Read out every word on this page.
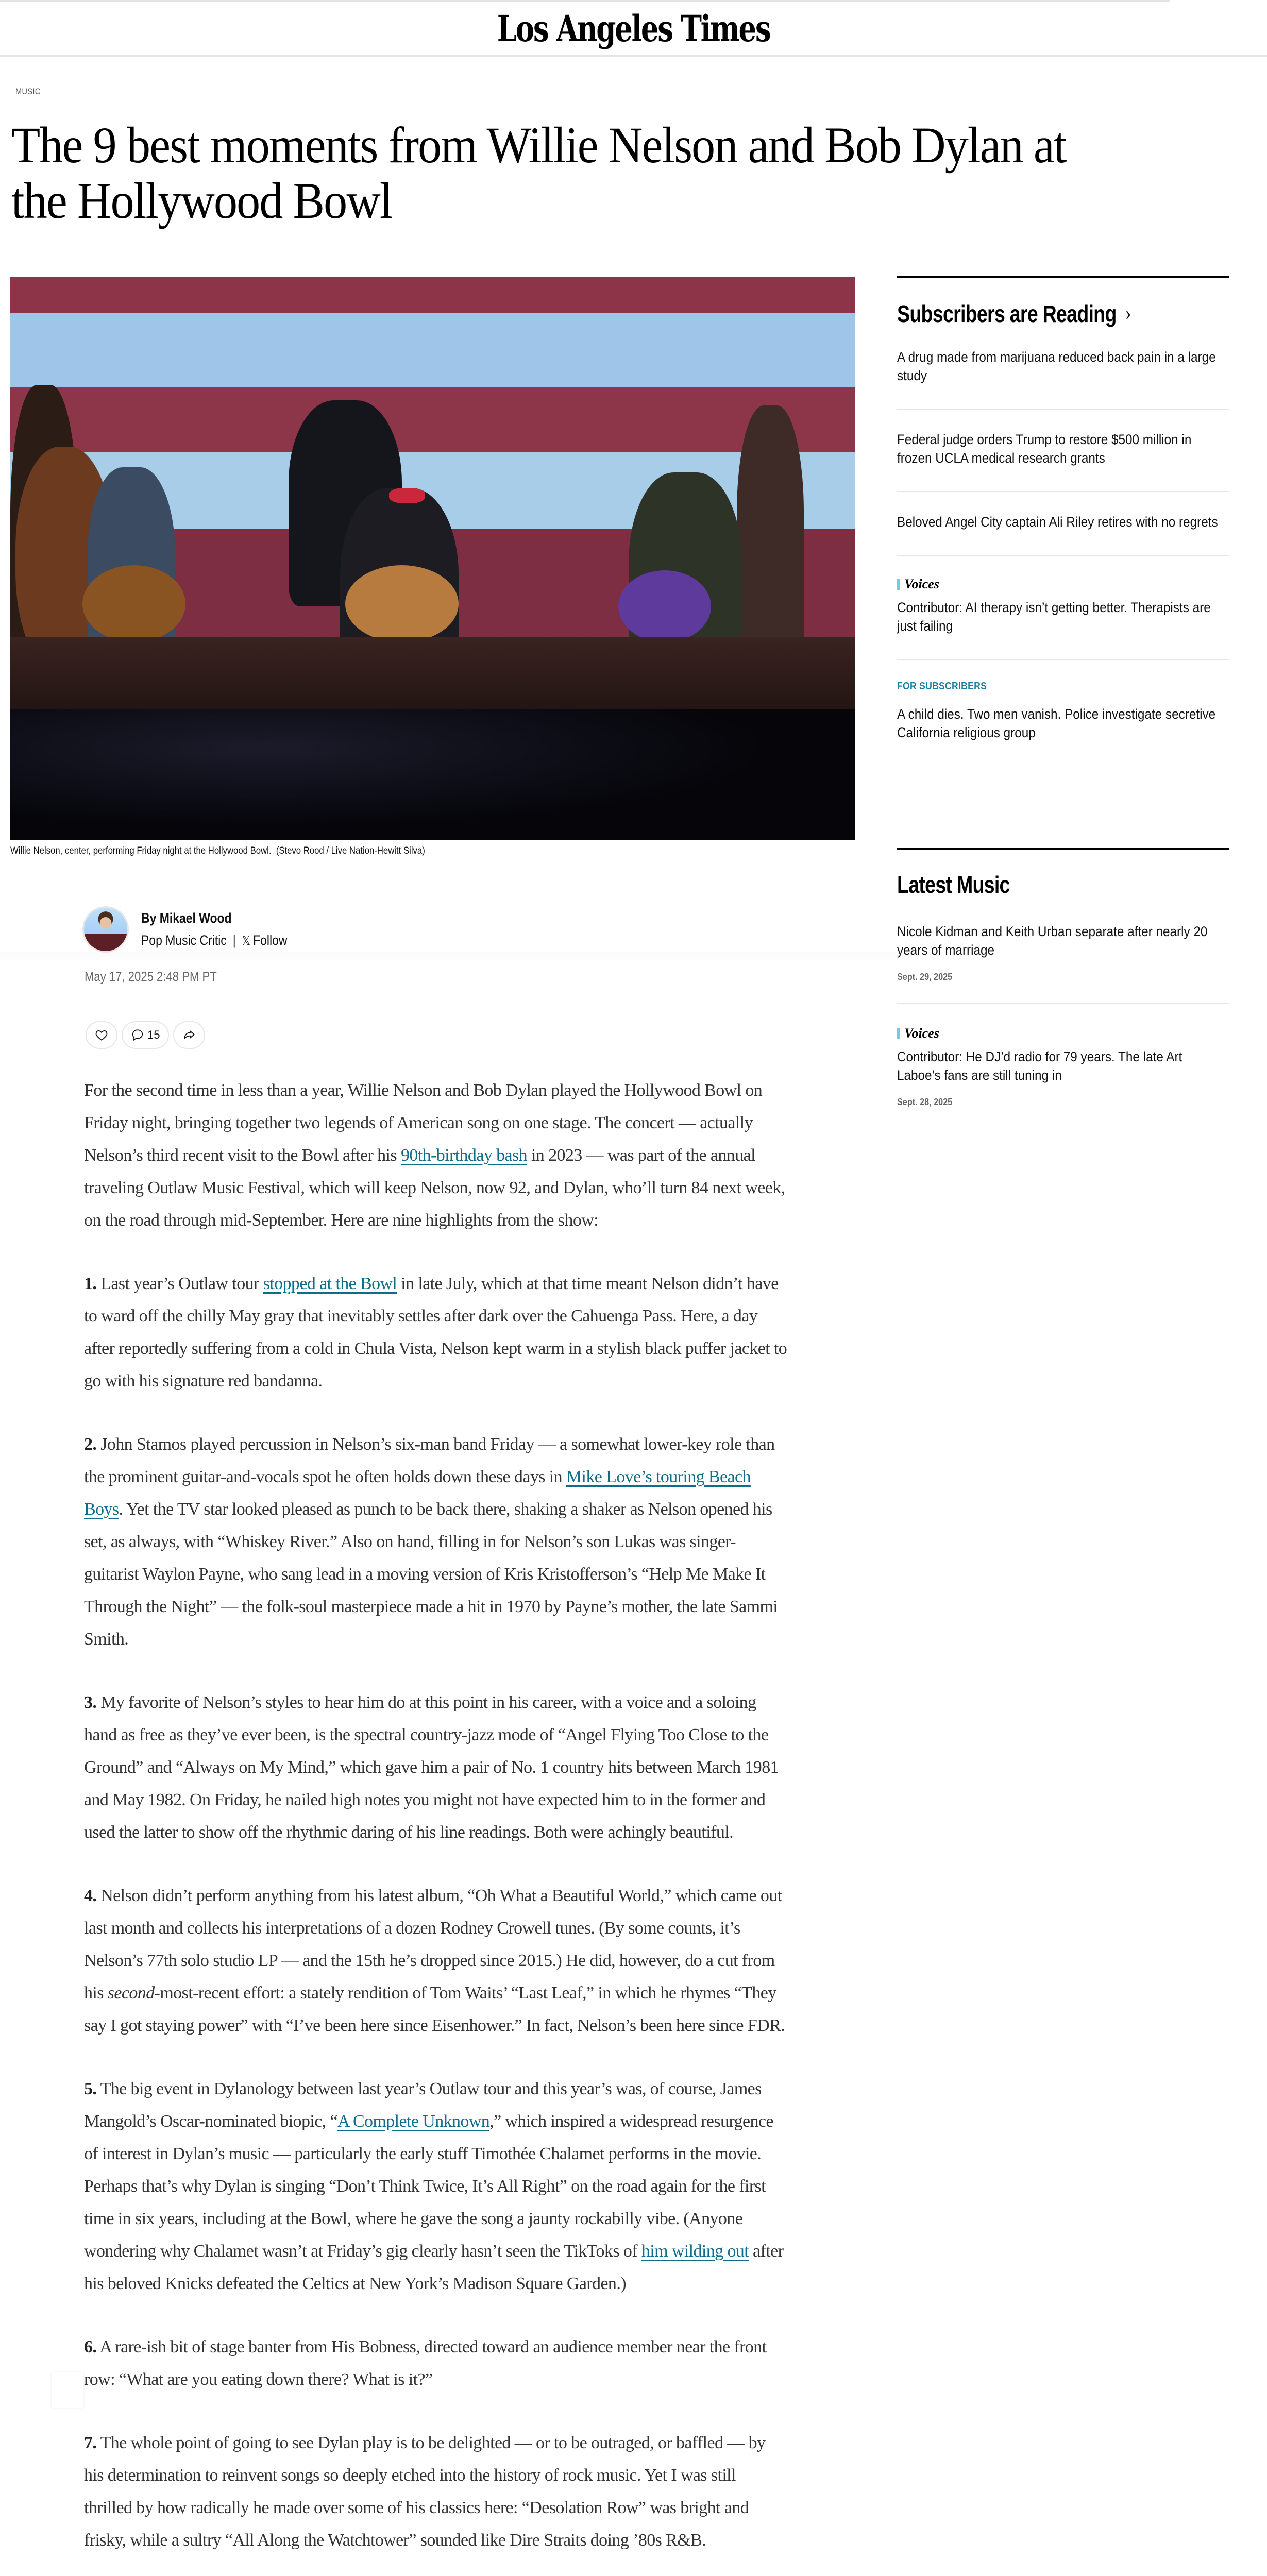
Los Angeles Times
MUSIC
The 9 best moments from Willie Nelson and Bob Dylan at the Hollywood Bowl
Willie Nelson, center, performing Friday night at the Hollywood Bowl. (Stevo Rood / Live Nation-Hewitt Silva)
By Mikael Wood
Pop Music Critic | 𝕏 Follow
May 17, 2025 2:48 PM PT
15

For the second time in less than a year, Willie Nelson and Bob Dylan played the Hollywood Bowl on Friday night, bringing together two legends of American song on one stage. The concert — actually Nelson’s third recent visit to the Bowl after his 90th-birthday bash in 2023 — was part of the annual traveling Outlaw Music Festival, which will keep Nelson, now 92, and Dylan, who’ll turn 84 next week, on the road through mid-September. Here are nine highlights from the show:

1. Last year’s Outlaw tour stopped at the Bowl in late July, which at that time meant Nelson didn’t have to ward off the chilly May gray that inevitably settles after dark over the Cahuenga Pass. Here, a day after reportedly suffering from a cold in Chula Vista, Nelson kept warm in a stylish black puffer jacket to go with his signature red bandanna.

2. John Stamos played percussion in Nelson’s six-man band Friday — a somewhat lower-key role than the prominent guitar-and-vocals spot he often holds down these days in Mike Love’s touring Beach Boys. Yet the TV star looked pleased as punch to be back there, shaking a shaker as Nelson opened his set, as always, with “Whiskey River.” Also on hand, filling in for Nelson’s son Lukas was singer-guitarist Waylon Payne, who sang lead in a moving version of Kris Kristofferson’s “Help Me Make It Through the Night” — the folk-soul masterpiece made a hit in 1970 by Payne’s mother, the late Sammi Smith.

3. My favorite of Nelson’s styles to hear him do at this point in his career, with a voice and a soloing hand as free as they’ve ever been, is the spectral country-jazz mode of “Angel Flying Too Close to the Ground” and “Always on My Mind,” which gave him a pair of No. 1 country hits between March 1981 and May 1982. On Friday, he nailed high notes you might not have expected him to in the former and used the latter to show off the rhythmic daring of his line readings. Both were achingly beautiful.

4. Nelson didn’t perform anything from his latest album, “Oh What a Beautiful World,” which came out last month and collects his interpretations of a dozen Rodney Crowell tunes. (By some counts, it’s Nelson’s 77th solo studio LP — and the 15th he’s dropped since 2015.) He did, however, do a cut from his second-most-recent effort: a stately rendition of Tom Waits’ “Last Leaf,” in which he rhymes “They say I got staying power” with “I’ve been here since Eisenhower.” In fact, Nelson’s been here since FDR.

5. The big event in Dylanology between last year’s Outlaw tour and this year’s was, of course, James Mangold’s Oscar-nominated biopic, “A Complete Unknown,” which inspired a widespread resurgence of interest in Dylan’s music — particularly the early stuff Timothée Chalamet performs in the movie. Perhaps that’s why Dylan is singing “Don’t Think Twice, It’s All Right” on the road again for the first time in six years, including at the Bowl, where he gave the song a jaunty rockabilly vibe. (Anyone wondering why Chalamet wasn’t at Friday’s gig clearly hasn’t seen the TikToks of him wilding out after his beloved Knicks defeated the Celtics at New York’s Madison Square Garden.)

6. A rare-ish bit of stage banter from His Bobness, directed toward an audience member near the front row: “What are you eating down there? What is it?”

7. The whole point of going to see Dylan play is to be delighted — or to be outraged, or baffled — by his determination to reinvent songs so deeply etched into the history of rock music. Yet I was still thrilled by how radically he made over some of his classics here: “Desolation Row” was bright and frisky, while a sultry “All Along the Watchtower” sounded like Dire Straits doing ’80s R&B.

Subscribers are Reading ›
A drug made from marijuana reduced back pain in a large study
Federal judge orders Trump to restore $500 million in frozen UCLA medical research grants
Beloved Angel City captain Ali Riley retires with no regrets
Voices
Contributor: AI therapy isn’t getting better. Therapists are just failing
FOR SUBSCRIBERS
A child dies. Two men vanish. Police investigate secretive California religious group
Latest Music
Nicole Kidman and Keith Urban separate after nearly 20 years of marriage
Sept. 29, 2025
Voices
Contributor: He DJ’d radio for 79 years. The late Art Laboe’s fans are still tuning in
Sept. 28, 2025
